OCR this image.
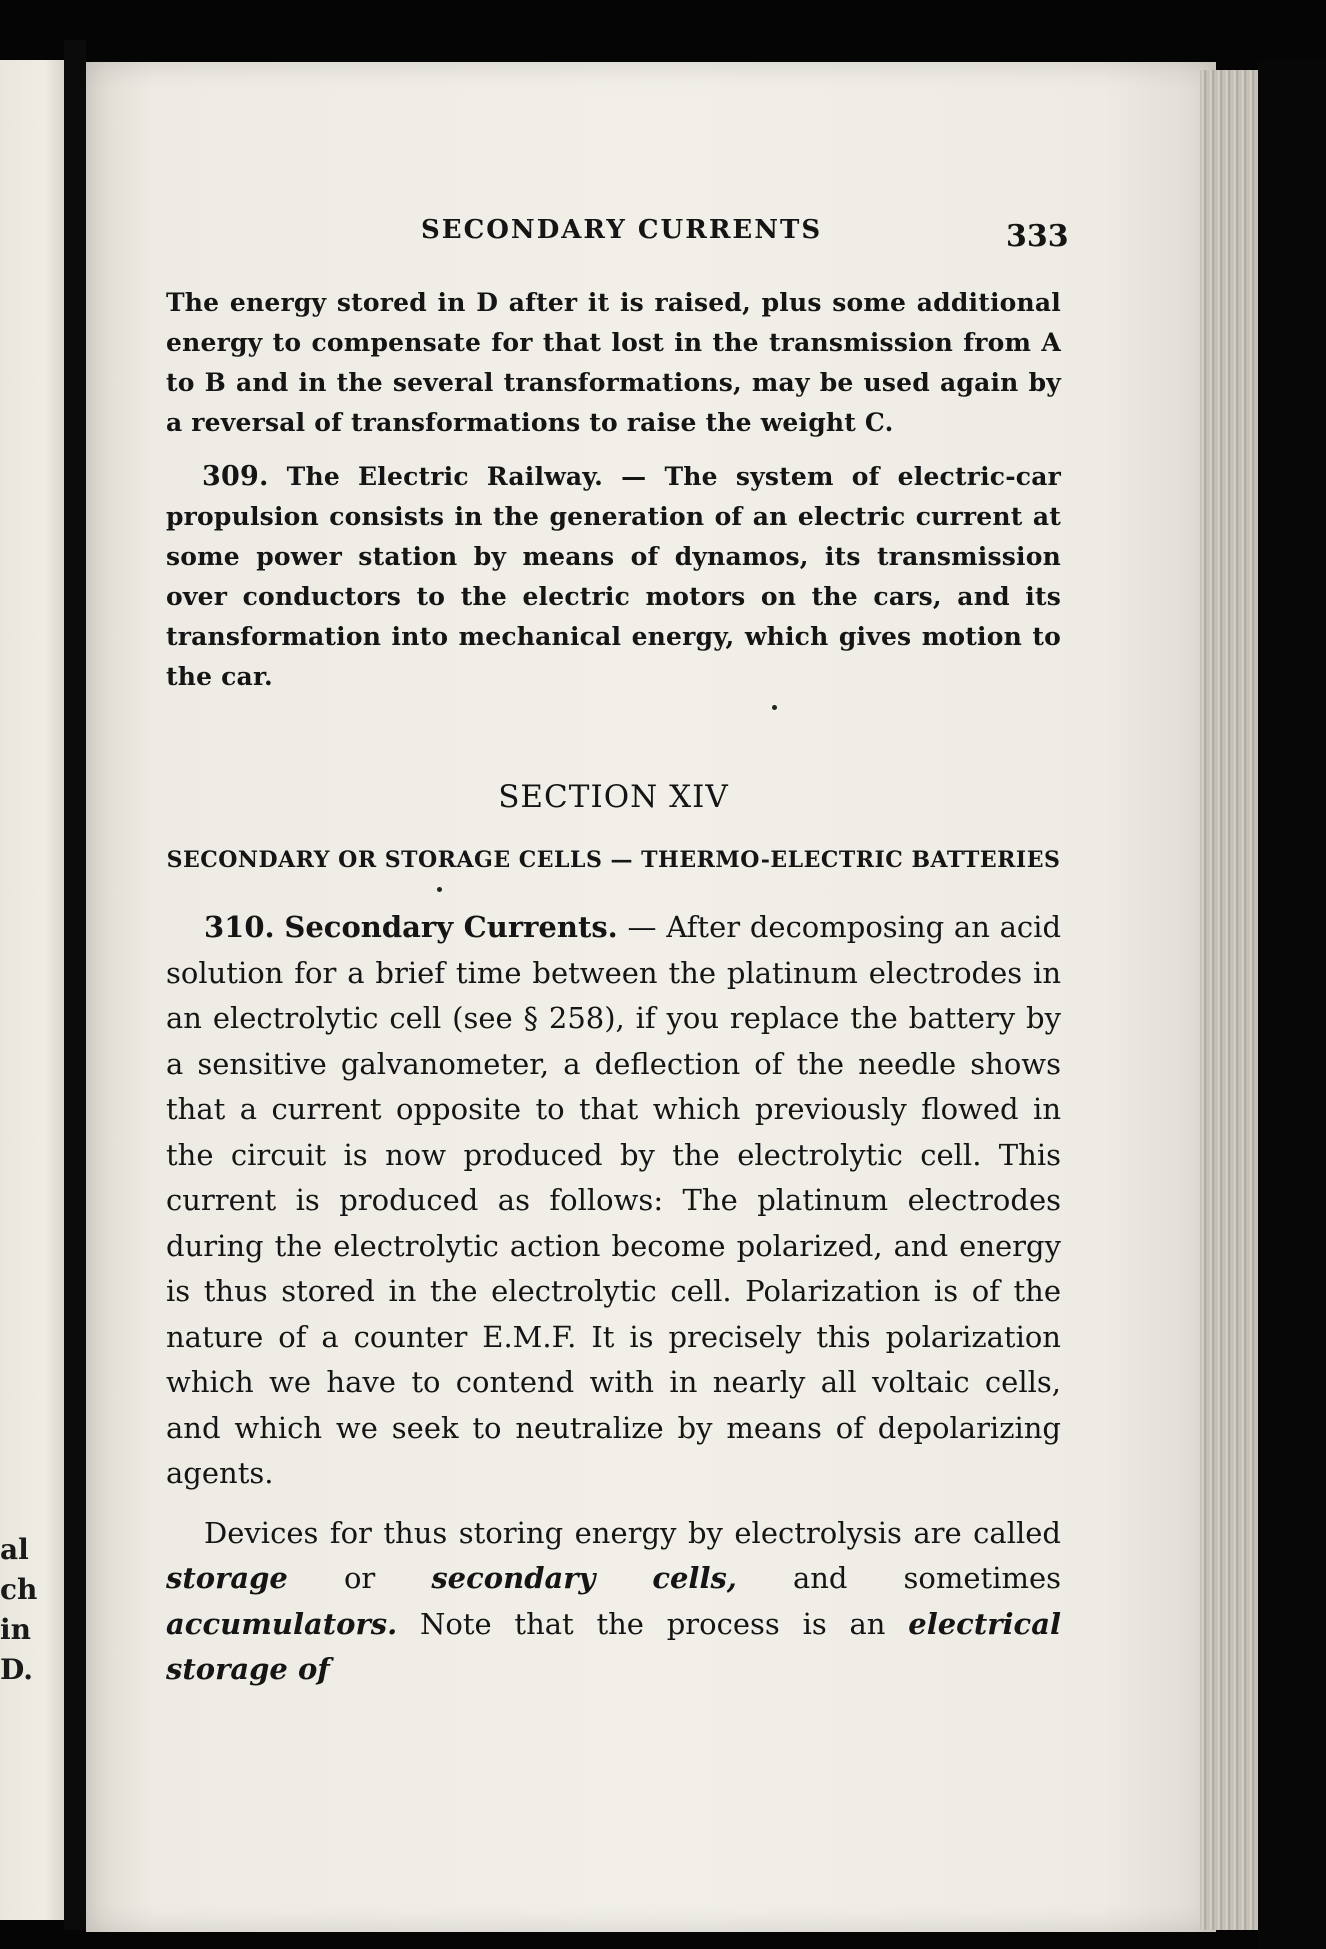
al
ch
in
D.
SECONDARY CURRENTS	333

The energy stored in D after it is raised, plus some additional energy to compensate for that lost in the transmission from A to B and in the several transformations, may be used again by a reversal of transformations to raise the weight C.

309. The Electric Railway. — The system of electric-car propulsion consists in the generation of an electric current at some power station by means of dynamos, its transmission over conductors to the electric motors on the cars, and its transformation into mechanical energy, which gives motion to the car.

SECTION XIV
SECONDARY OR STORAGE CELLS — THERMO-ELECTRIC BATTERIES

310. Secondary Currents. — After decomposing an acid solution for a brief time between the platinum electrodes in an electrolytic cell (see § 258), if you replace the battery by a sensitive galvanometer, a deflection of the needle shows that a current opposite to that which previously flowed in the circuit is now produced by the electrolytic cell. This current is produced as follows: The platinum electrodes during the electrolytic action become polarized, and energy is thus stored in the electrolytic cell. Polarization is of the nature of a counter E.M.F. It is precisely this polarization which we have to contend with in nearly all voltaic cells, and which we seek to neutralize by means of depolarizing agents.

Devices for thus storing energy by electrolysis are called storage or secondary cells, and sometimes accumulators. Note that the process is an electrical storage of
